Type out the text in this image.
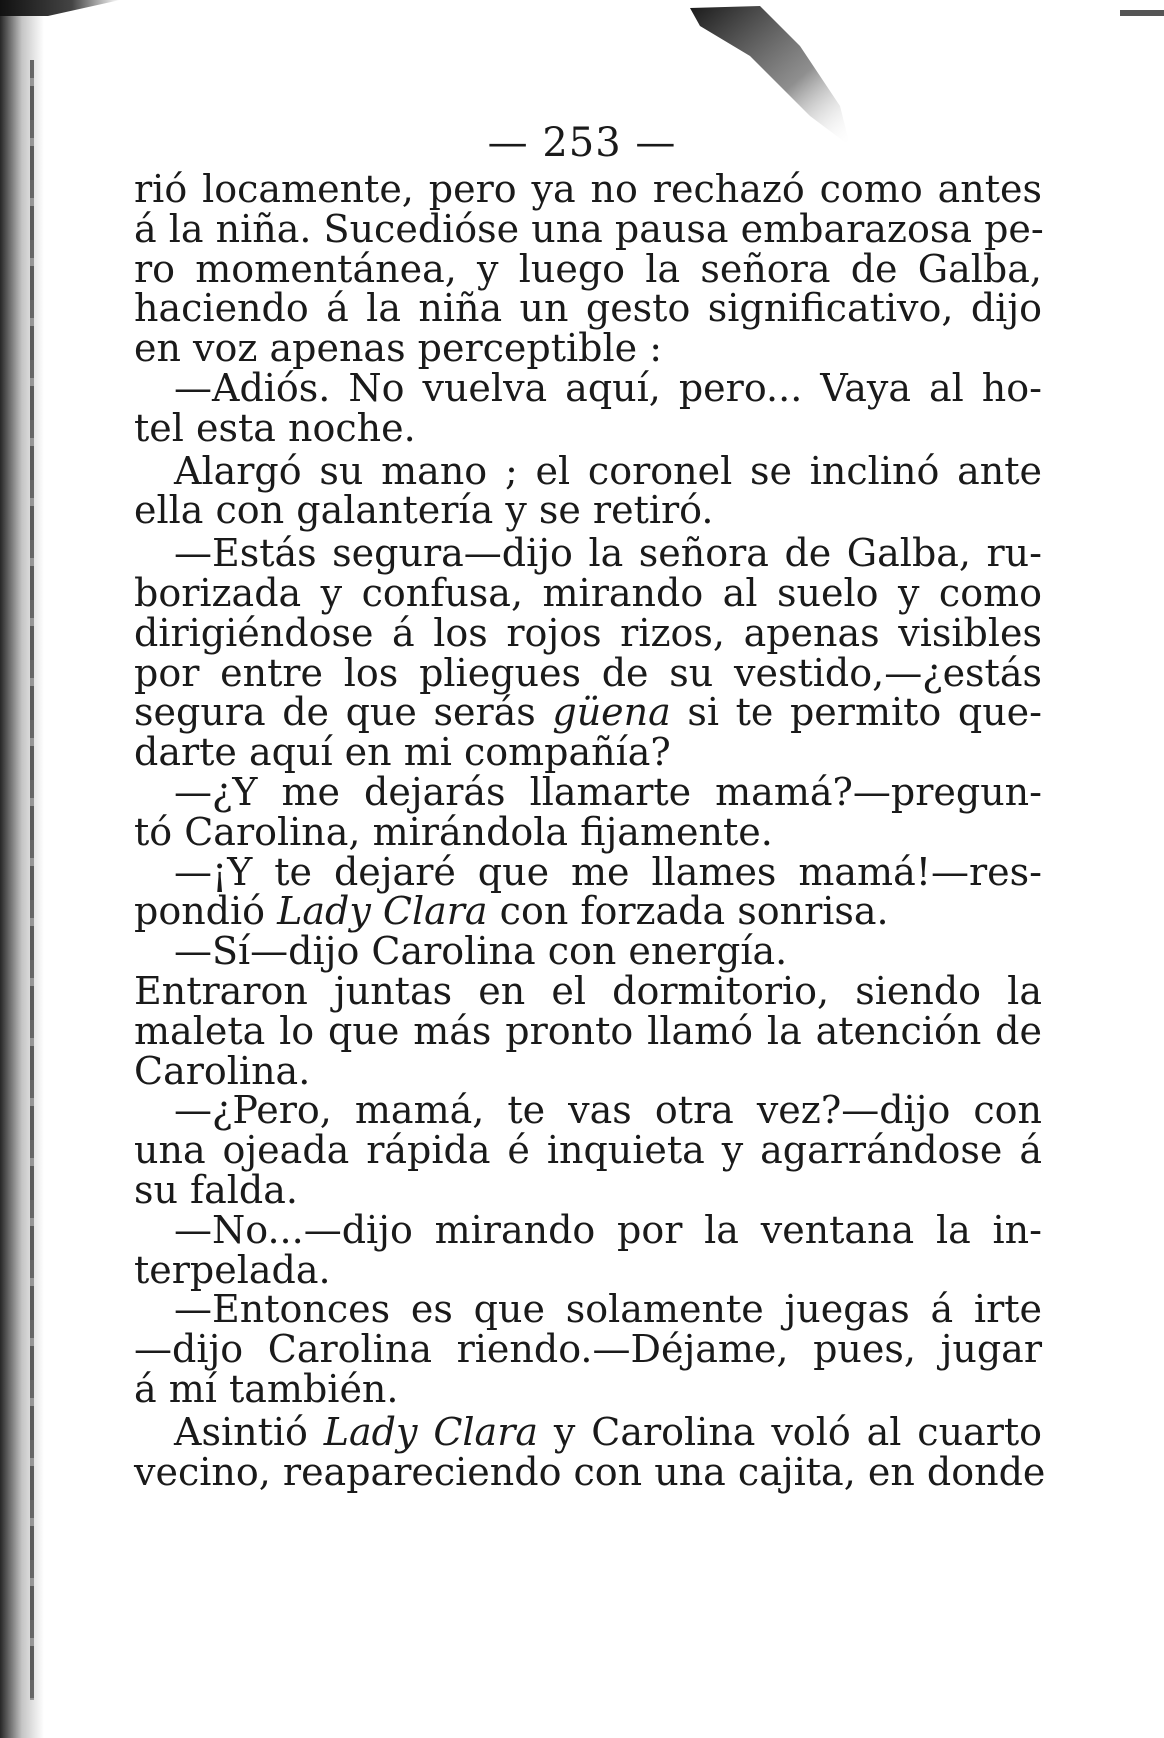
— 253 —
rió locamente, pero ya no rechazó como antes
á la niña. Sucedióse una pausa embarazosa pe-
ro momentánea, y luego la señora de Galba,
haciendo á la niña un gesto significativo, dijo
en voz apenas perceptible :
—Adiós. No vuelva aquí, pero... Vaya al ho-
tel esta noche.
Alargó su mano ; el coronel se inclinó ante
ella con galantería y se retiró.
—Estás segura—dijo la señora de Galba, ru-
borizada y confusa, mirando al suelo y como
dirigiéndose á los rojos rizos, apenas visibles
por entre los pliegues de su vestido,—¿estás
segura de que serás güena si te permito que-
darte aquí en mi compañía?
—¿Y me dejarás llamarte mamá?—pregun-
tó Carolina, mirándola fijamente.
—¡Y te dejaré que me llames mamá!—res-
pondió Lady Clara con forzada sonrisa.
—Sí—dijo Carolina con energía.
Entraron juntas en el dormitorio, siendo la
maleta lo que más pronto llamó la atención de
Carolina.
—¿Pero, mamá, te vas otra vez?—dijo con
una ojeada rápida é inquieta y agarrándose á
su falda.
—No...—dijo mirando por la ventana la in-
terpelada.
—Entonces es que solamente juegas á irte
—dijo Carolina riendo.—Déjame, pues, jugar
á mí también.
Asintió Lady Clara y Carolina voló al cuarto
vecino, reapareciendo con una cajita, en donde
